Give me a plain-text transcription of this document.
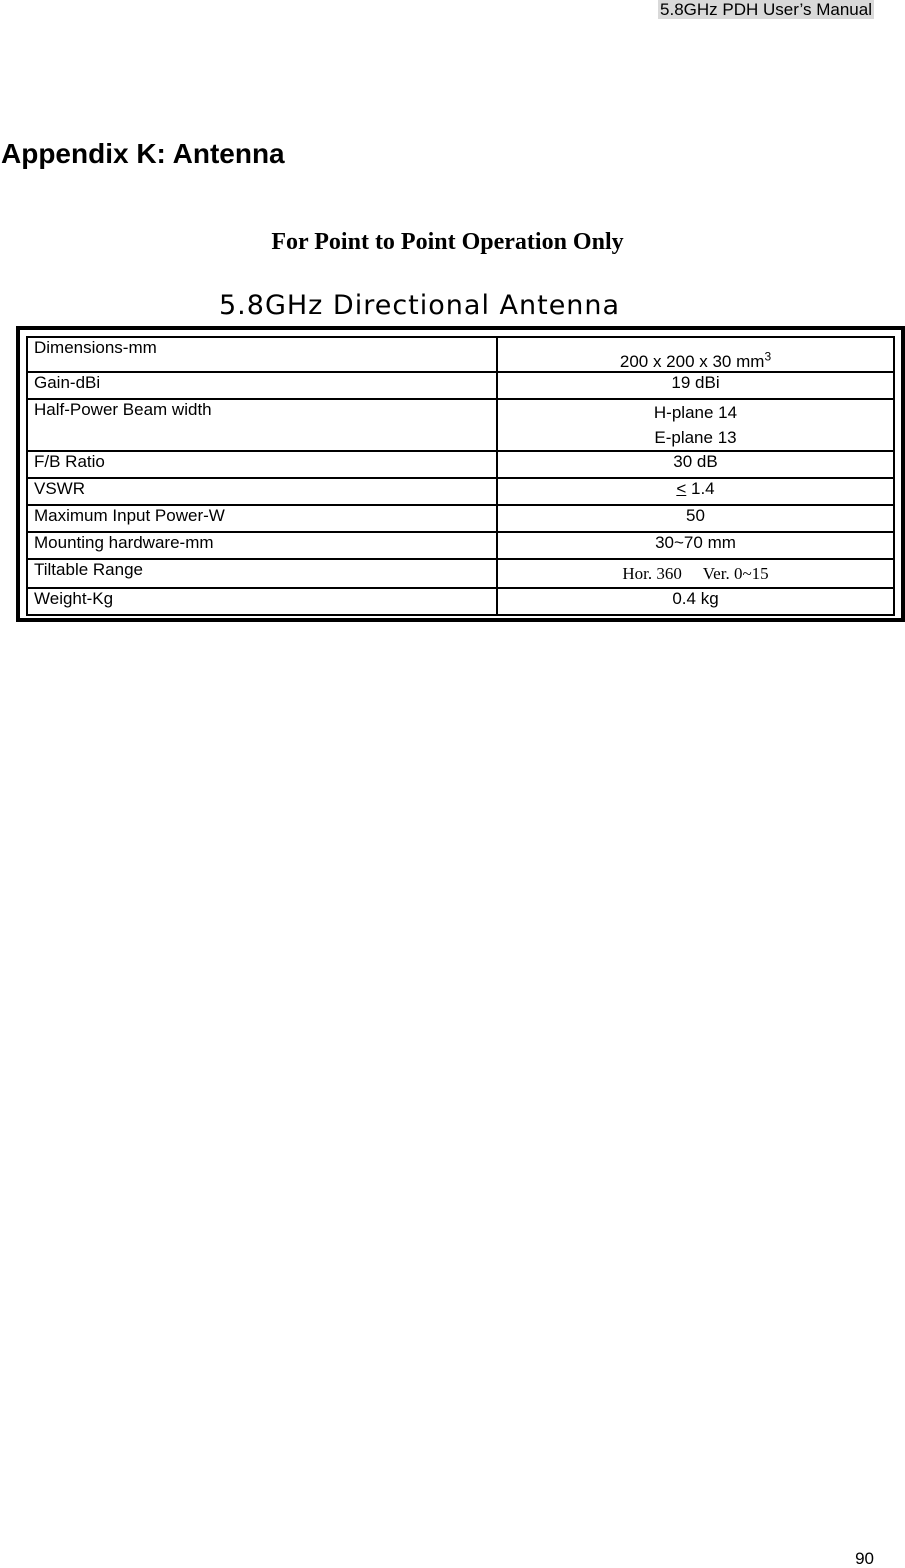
5.8GHz PDH User’s Manual
Appendix K: Antenna
For Point to Point Operation Only
5.8GHz Directional Antenna
Dimensions-mm	200 x 200 x 30 $mm^3$
Gain-dBi	19 dBi
Half-Power Beam width	H-plane 14
E-plane 13

F/B Ratio	30 dB
VSWR	≤ 1.4
Maximum Input Power-W	50
Mounting hardware-mm	30~70 mm
Tiltable Range	Hor. 360     Ver. 0~15
Weight-Kg	0.4 kg
90
